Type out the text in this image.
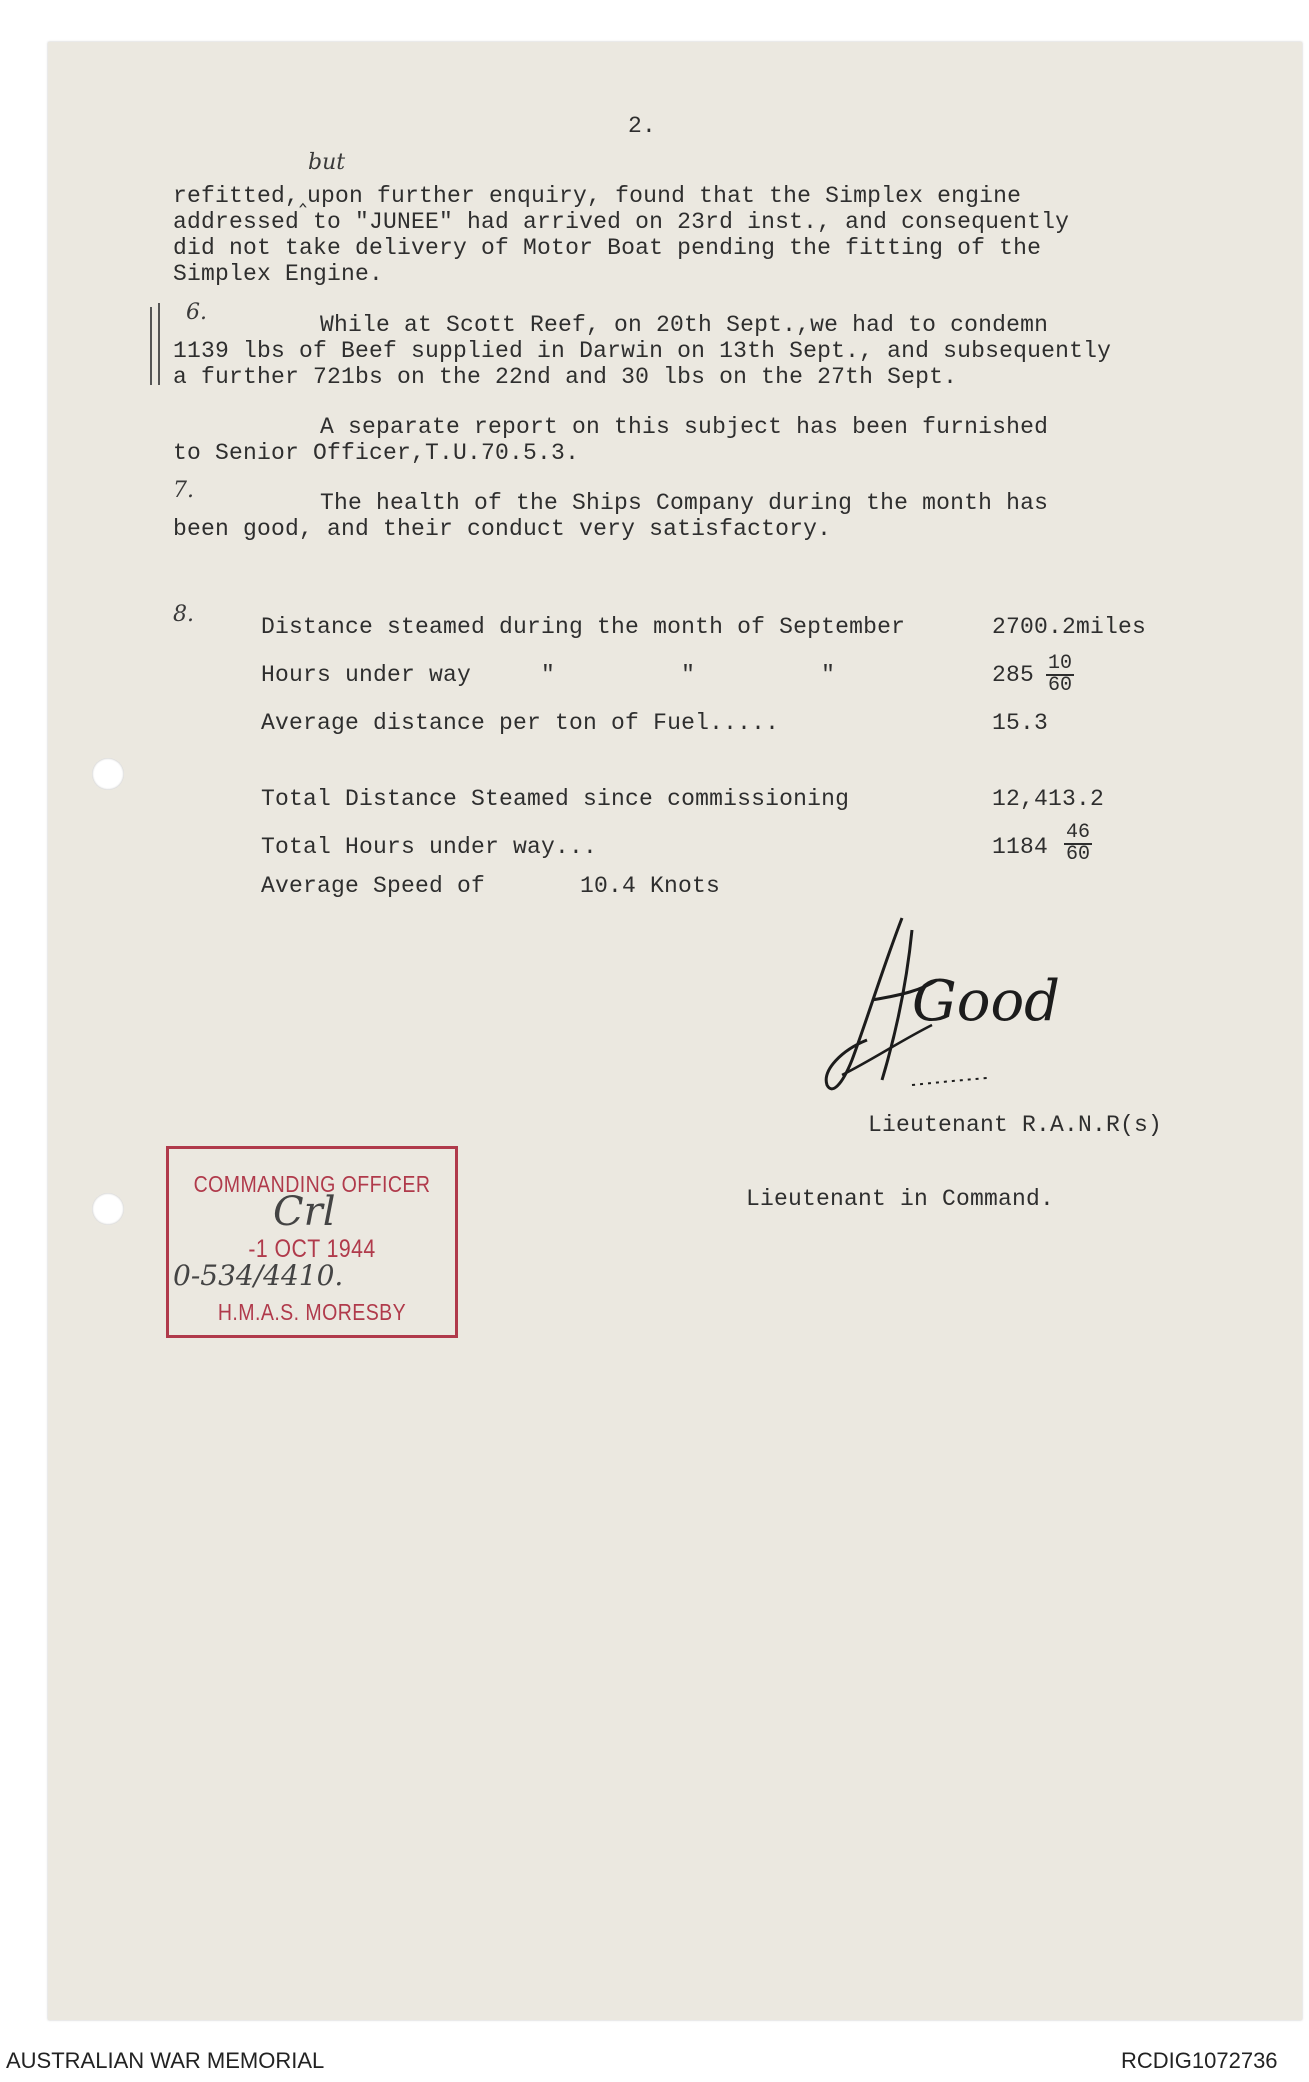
2.
but
refitted,‸upon further enquiry, found that the Simplex engine
addressed to "JUNEE" had arrived on 23rd inst., and consequently
did not take delivery of Motor Boat pending the fitting of the
Simplex Engine.
6.	While at Scott Reef, on 20th Sept.,we had to condemn
1139 lbs of Beef supplied in Darwin on 13th Sept., and subsequently
a further 721bs on the 22nd and 30 lbs on the 27th Sept.
A separate report on this subject has been furnished
to Senior Officer,T.U.70.5.3.
7.	The health of the Ships Company during the month has
been good, and their conduct very satisfactory.
8.	Distance steamed during the month of September	2700.2miles
Hours under way     "         "         "	$285 \frac{10}{60}$
Average distance per ton of Fuel.....	15.3
Total Distance Steamed since commissioning	12,413.2
Total Hours under way...	$1184 \frac{46}{60}$
Average Speed of	10.4 Knots
Good
Lieutenant R.A.N.R(s)
Lieutenant in Command.
COMMANDING OFFICER
Crl
-1 OCT 1944
0-534/4410.
H.M.A.S. MORESBY
AUSTRALIAN WAR MEMORIAL	RCDIG1072736
